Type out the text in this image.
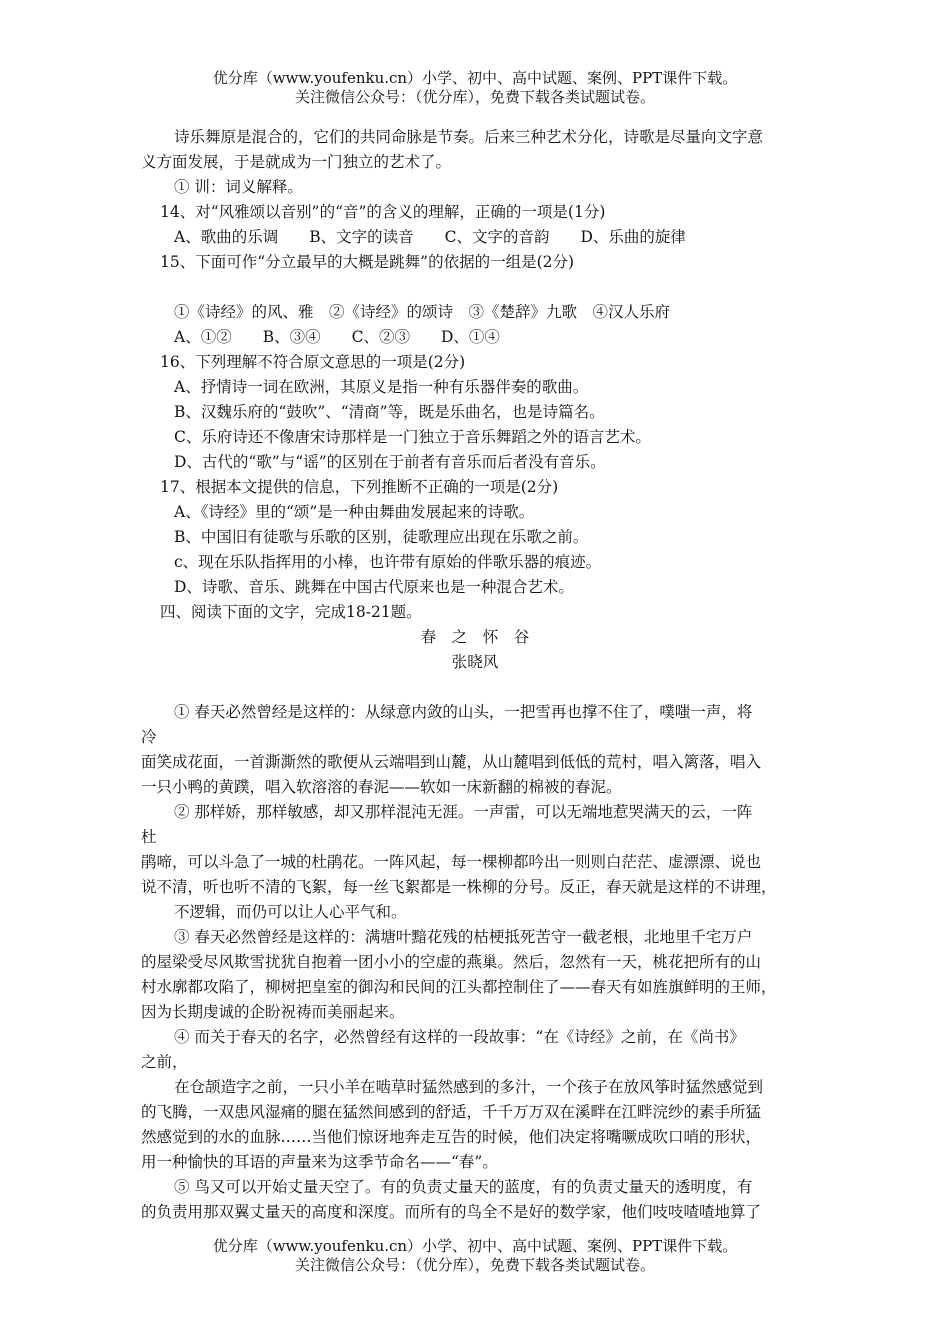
优分库（www.youfenku.cn）小学、初中、高中试题、案例、PPT课件下载。
关注微信公众号：（优分库），免费下载各类试题试卷。
诗乐舞原是混合的，它们的共同命脉是节奏。后来三种艺术分化，诗歌是尽量向文字意
义方面发展，于是就成为一门独立的艺术了。
① 训：词义解释。
14、对“风雅颂以音别”的“音”的含义的理解，正确的一项是(1分)
A、歌曲的乐调　　B、文字的读音　　C、文字的音韵　　D、乐曲的旋律
15、下面可作“分立最早的大概是跳舞”的依据的一组是(2分)
①《诗经》的风、雅　②《诗经》的颂诗　③《楚辞》九歌　④汉人乐府
A、①②　　B、③④　　C、②③　　D、①④
16、下列理解不符合原文意思的一项是(2分)
A、抒情诗一词在欧洲，其原义是指一种有乐器伴奏的歌曲。
B、汉魏乐府的“鼓吹”、“清商”等，既是乐曲名，也是诗篇名。
C、乐府诗还不像唐宋诗那样是一门独立于音乐舞蹈之外的语言艺术。
D、古代的“歌”与“谣”的区别在于前者有音乐而后者没有音乐。
17、根据本文提供的信息，下列推断不正确的一项是(2分)
A、《诗经》里的“颂”是一种由舞曲发展起来的诗歌。
B、中国旧有徒歌与乐歌的区别，徒歌理应出现在乐歌之前。
c、现在乐队指挥用的小棒，也许带有原始的伴歌乐器的痕迹。
D、诗歌、音乐、跳舞在中国古代原来也是一种混合艺术。
四、阅读下面的文字，完成18-21题。
春　之　怀　谷
张晓风
① 春天必然曾经是这样的：从绿意内敛的山头，一把雪再也撑不住了，噗嗤一声，将
冷
面笑成花面，一首澌澌然的歌便从云端唱到山麓，从山麓唱到低低的荒村，唱入篱落，唱入
一只小鸭的黄蹼，唱入软溶溶的春泥——软如一床新翻的棉被的春泥。
② 那样娇，那样敏感，却又那样混沌无涯。一声雷，可以无端地惹哭满天的云，一阵
杜
鹃啼，可以斗急了一城的杜鹃花。一阵风起，每一棵柳都吟出一则则白茫茫、虚漂漂、说也
说不清，听也听不清的飞絮，每一丝飞絮都是一株柳的分号。反正，春天就是这样的不讲理，
不逻辑，而仍可以让人心平气和。
③ 春天必然曾经是这样的：满塘叶黯花残的枯梗抵死苦守一截老根，北地里千宅万户
的屋梁受尽风欺雪扰犹自抱着一团小小的空虚的燕巢。然后，忽然有一天，桃花把所有的山
村水廓都攻陷了，柳树把皇室的御沟和民间的江头都控制住了——春天有如旌旗鲜明的王师，
因为长期虔诚的企盼祝祷而美丽起来。
④ 而关于春天的名字，必然曾经有这样的一段故事：“在《诗经》之前，在《尚书》
之前，
在仓颉造字之前，一只小羊在啮草时猛然感到的多汁，一个孩子在放风筝时猛然感觉到
的飞腾，一双患风湿痛的腿在猛然间感到的舒适，千千万万双在溪畔在江畔浣纱的素手所猛
然感觉到的水的血脉……当他们惊讶地奔走互告的时候，他们决定将嘴噘成吹口哨的形状，
用一种愉快的耳语的声量来为这季节命名——“春”。
⑤ 鸟又可以开始丈量天空了。有的负责丈量天的蓝度，有的负责丈量天的透明度，有
的负责用那双翼丈量天的高度和深度。而所有的鸟全不是好的数学家，他们吱吱喳喳地算了
优分库（www.youfenku.cn）小学、初中、高中试题、案例、PPT课件下载。
关注微信公众号：（优分库），免费下载各类试题试卷。
